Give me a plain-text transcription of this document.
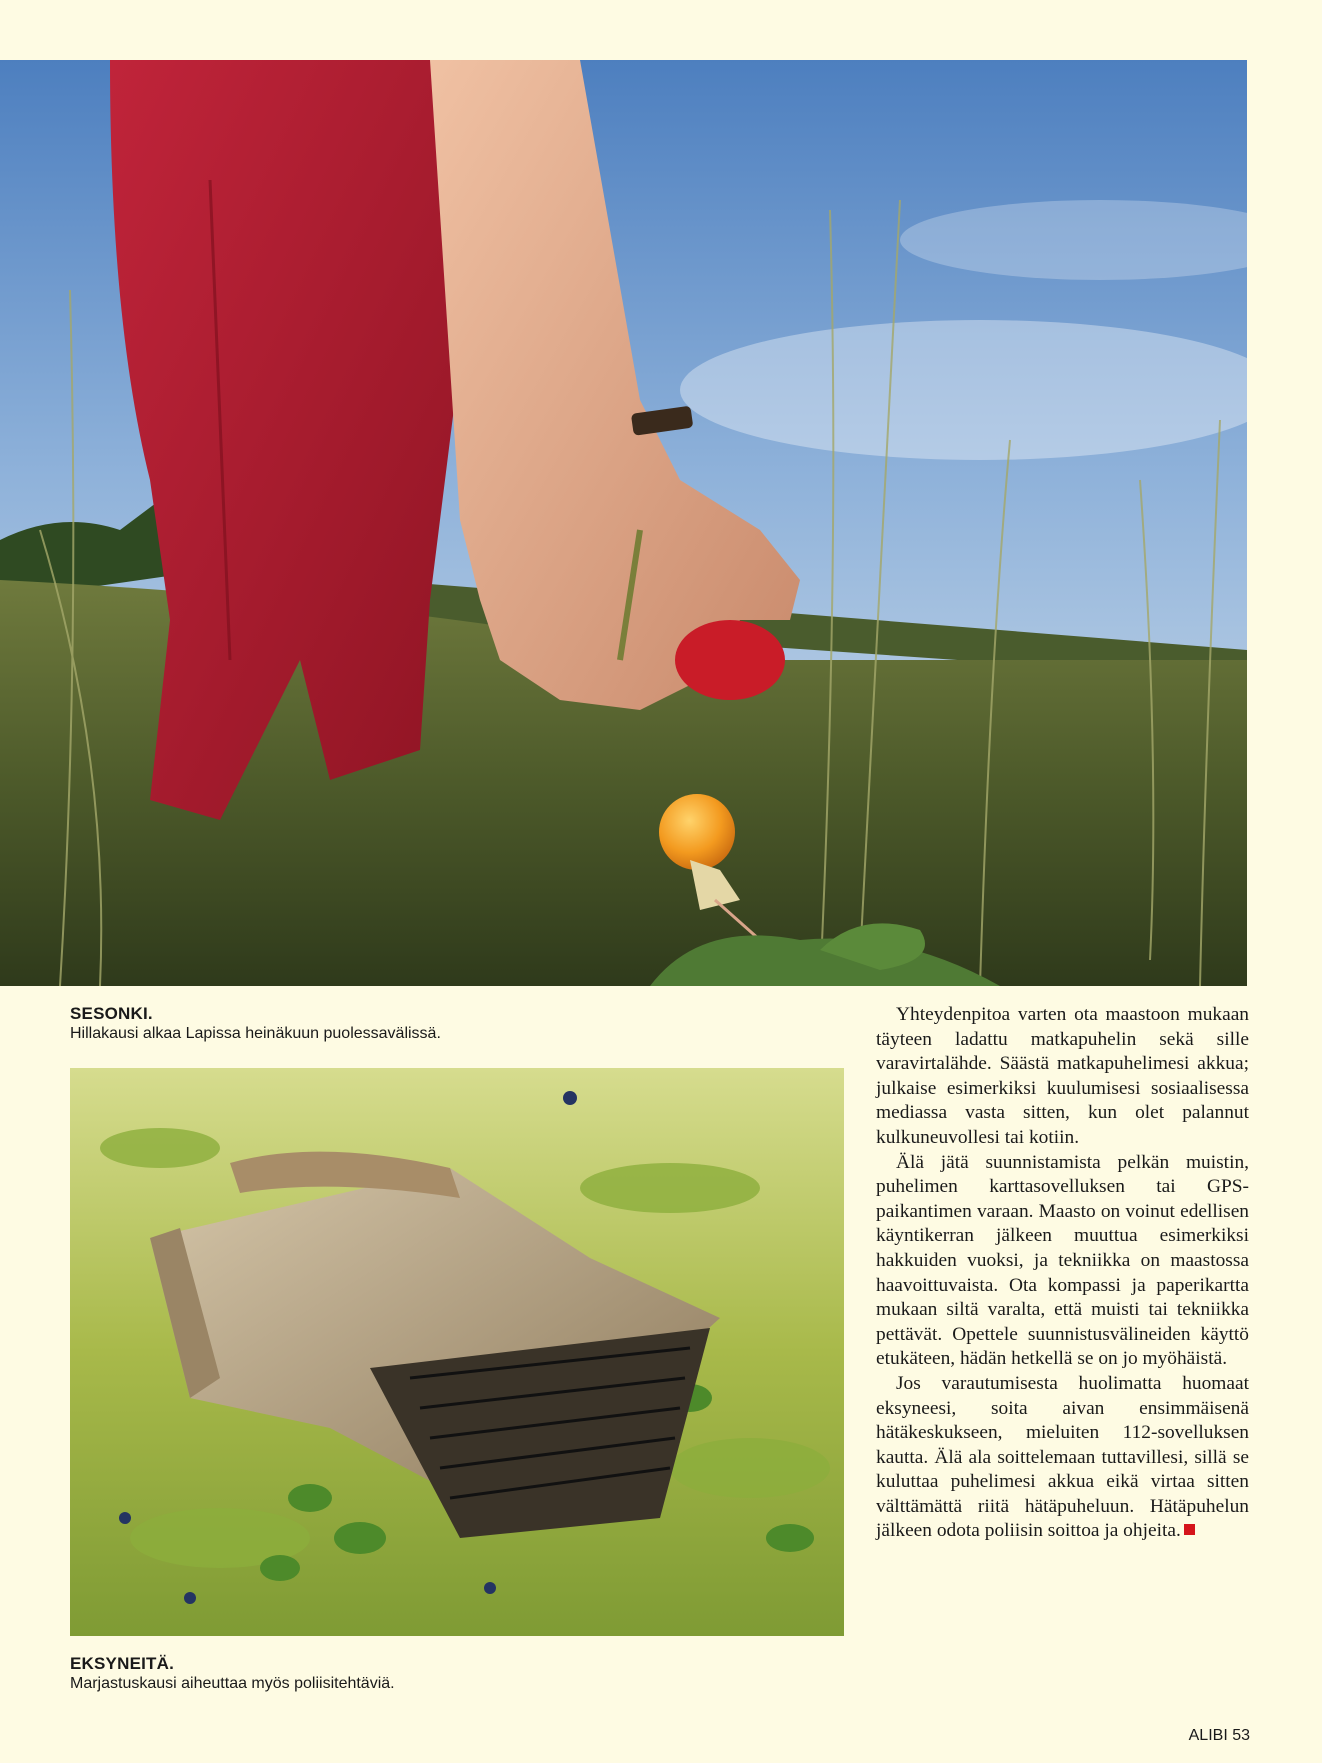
SESONKI.
Hillakausi alkaa Lapissa heinäkuun puolessavälissä.
EKSYNEITÄ.
Marjastuskausi aiheuttaa myös poliisitehtäviä.

Yhteydenpitoa varten ota maastoon mukaan täyteen ladattu matkapuhelin sekä sille varavirtalähde. Säästä matkapuhelimesi akkua; julkaise esimerkiksi kuulumisesi sosiaalisessa mediassa vasta sitten, kun olet palannut kulkuneuvollesi tai kotiin.

Älä jätä suunnistamista pelkän muistin, puhelimen karttasovelluksen tai GPS-paikantimen varaan. Maasto on voinut edellisen käyntikerran jälkeen muuttua esimerkiksi hakkuiden vuoksi, ja tekniikka on maastossa haavoittuvaista. Ota kompassi ja paperikartta mukaan siltä varalta, että muisti tai tekniikka pettävät. Opettele suunnistusvälineiden käyttö etukäteen, hädän hetkellä se on jo myöhäistä.

Jos varautumisesta huolimatta huomaat eksyneesi, soita aivan ensimmäisenä hätäkeskukseen, mieluiten 112-sovelluksen kautta. Älä ala soittelemaan tuttavillesi, sillä se kuluttaa puhelimesi akkua eikä virtaa sitten välttämättä riitä hätäpuheluun. Hätäpuhelun jälkeen odota poliisin soittoa ja ohjeita.

ALIBI 53
